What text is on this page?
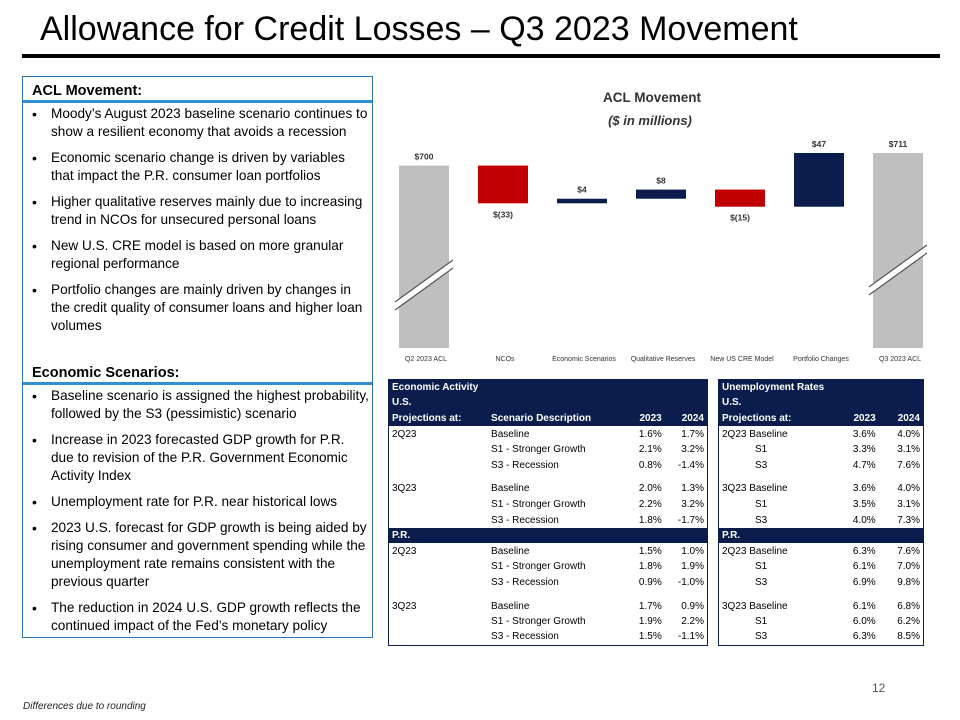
Allowance for Credit Losses – Q3 2023 Movement
ACL Movement:
• Moody’s August 2023 baseline scenario continues to show a resilient economy that avoids a recession
• Economic scenario change is driven by variables that impact the P.R. consumer loan portfolios
• Higher qualitative reserves mainly due to increasing trend in NCOs for unsecured personal loans
• New U.S. CRE model is based on more granular regional performance
• Portfolio changes are mainly driven by changes in the credit quality of consumer loans and higher loan volumes
Economic Scenarios:
• Baseline scenario is assigned the highest probability, followed by the S3 (pessimistic) scenario
• Increase in 2023 forecasted GDP growth for P.R. due to revision of the P.R. Government Economic Activity Index
• Unemployment rate for P.R. near historical lows
• 2023 U.S. forecast for GDP growth is being aided by rising consumer and government spending while the unemployment rate remains consistent with the previous quarter
• The reduction in 2024 U.S. GDP growth reflects the continued impact of the Fed’s monetary policy
ACL Movement
($ in millions)
$700
Q2 2023 ACL
$(33)
NCOs
$4
Economic Scenarios
$8
Qualitative Reserves
$(15)
New US CRE Model
$47
Portfolio Changes
$711
Q3 2023 ACL
Economic Activity			
U.S.			
Projections at:	Scenario Description	2023	2024
2Q23	Baseline	1.6%	1.7%
	S1 - Stronger Growth	2.1%	3.2%
	S3 - Recession	0.8%	-1.4%

3Q23	Baseline	2.0%	1.3%
	S1 - Stronger Growth	2.2%	3.2%
	S3 - Recession	1.8%	-1.7%
P.R.			
2Q23	Baseline	1.5%	1.0%
	S1 - Stronger Growth	1.8%	1.9%
	S3 - Recession	0.9%	-1.0%

3Q23	Baseline	1.7%	0.9%
	S1 - Stronger Growth	1.9%	2.2%
	S3 - Recession	1.5%	-1.1%
Unemployment Rates		
U.S.		
Projections at:	2023	2024
2Q23 Baseline	3.6%	4.0%
S1	3.3%	3.1%
S3	4.7%	7.6%

3Q23 Baseline	3.6%	4.0%
S1	3.5%	3.1%
S3	4.0%	7.3%
P.R.		
2Q23 Baseline	6.3%	7.6%
S1	6.1%	7.0%
S3	6.9%	9.8%

3Q23 Baseline	6.1%	6.8%
S1	6.0%	6.2%
S3	6.3%	8.5%
12
Differences due to rounding
